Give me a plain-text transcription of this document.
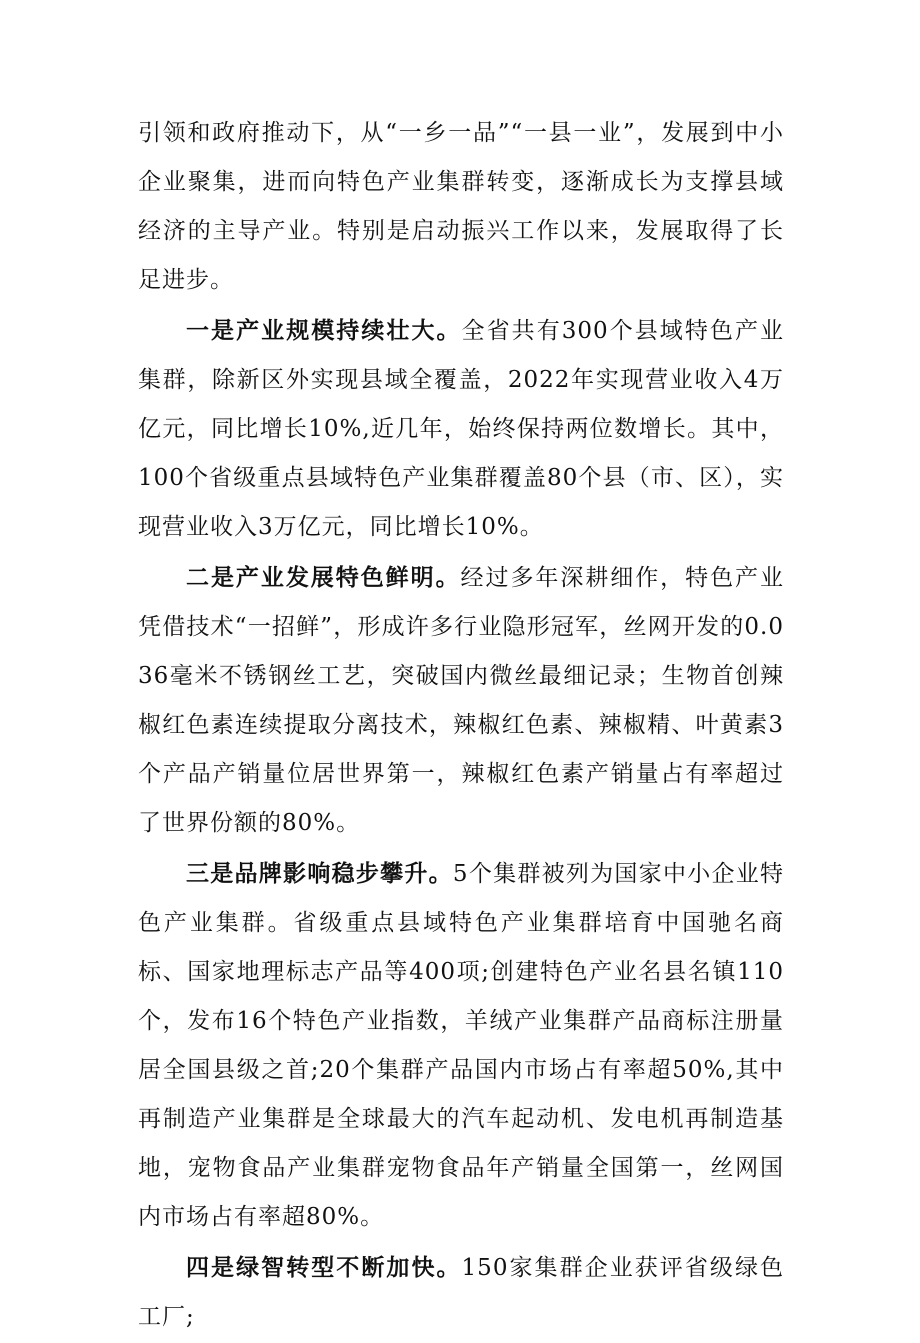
引领和政府推动下，从“一乡一品”“一县一业”，发展到中小企业聚集，进而向特色产业集群转变，逐渐成长为支撑县域经济的主导产业。特别是启动振兴工作以来，发展取得了长足进步。

一是产业规模持续壮大。全省共有300个县域特色产业集群，除新区外实现县域全覆盖，2022年实现营业收入4万亿元，同比增长10%,近几年，始终保持两位数增长。其中，100个省级重点县域特色产业集群覆盖80个县（市、区），实现营业收入3万亿元，同比增长10%。

二是产业发展特色鲜明。经过多年深耕细作，特色产业凭借技术“一招鲜”，形成许多行业隐形冠军，丝网开发的0.036毫米不锈钢丝工艺，突破国内微丝最细记录；生物首创辣椒红色素连续提取分离技术，辣椒红色素、辣椒精、叶黄素3个产品产销量位居世界第一，辣椒红色素产销量占有率超过了世界份额的80%。

三是品牌影响稳步攀升。5个集群被列为国家中小企业特色产业集群。省级重点县域特色产业集群培育中国驰名商标、国家地理标志产品等400项;创建特色产业名县名镇110个，发布16个特色产业指数，羊绒产业集群产品商标注册量居全国县级之首;20个集群产品国内市场占有率超50%,其中再制造产业集群是全球最大的汽车起动机、发电机再制造基地，宠物食品产业集群宠物食品年产销量全国第一，丝网国内市场占有率超80%。

四是绿智转型不断加快。150家集群企业获评省级绿色工厂;
